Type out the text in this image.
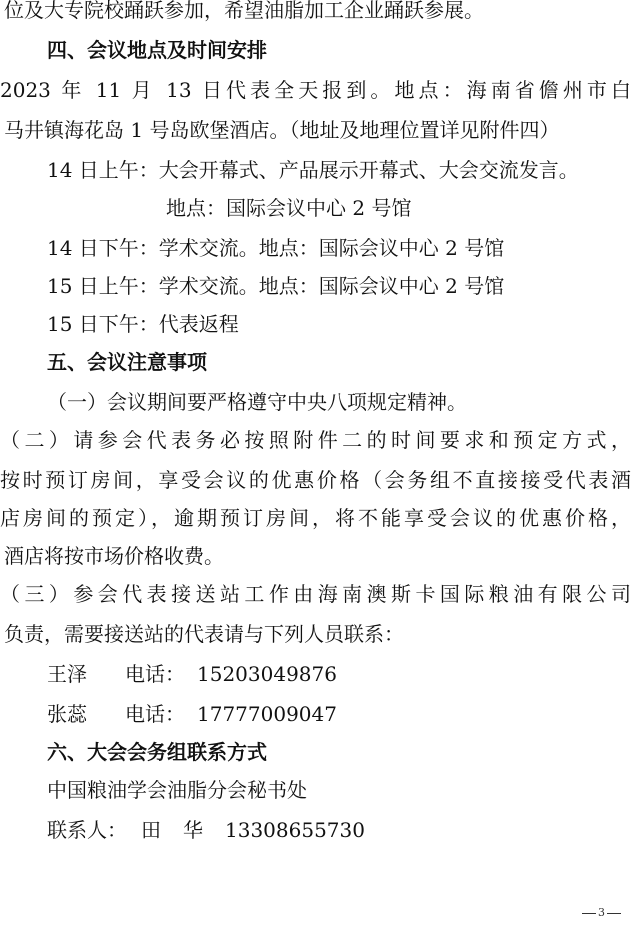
位及大专院校踊跃参加，希望油脂加工企业踊跃参展。
四、会议地点及时间安排
2023 年 11 月 13 日代表全天报到。地点：海南省儋州市白
马井镇海花岛 1 号岛欧堡酒店。（地址及地理位置详见附件四）
14 日上午：大会开幕式、产品展示开幕式、大会交流发言。
地点：国际会议中心 2 号馆
14 日下午：学术交流。地点：国际会议中心 2 号馆
15 日上午：学术交流。地点：国际会议中心 2 号馆
15 日下午：代表返程
五、会议注意事项
（一）会议期间要严格遵守中央八项规定精神。
（二）请参会代表务必按照附件二的时间要求和预定方式，
按时预订房间，享受会议的优惠价格（会务组不直接接受代表酒
店房间的预定），逾期预订房间，将不能享受会议的优惠价格，
酒店将按市场价格收费。
（三）参会代表接送站工作由海南澳斯卡国际粮油有限公司
负责，需要接送站的代表请与下列人员联系：
王泽 电话： 15203049876
张蕊 电话： 17777009047
六、大会会务组联系方式
中国粮油学会油脂分会秘书处
联系人： 田 华 13308655730
3
